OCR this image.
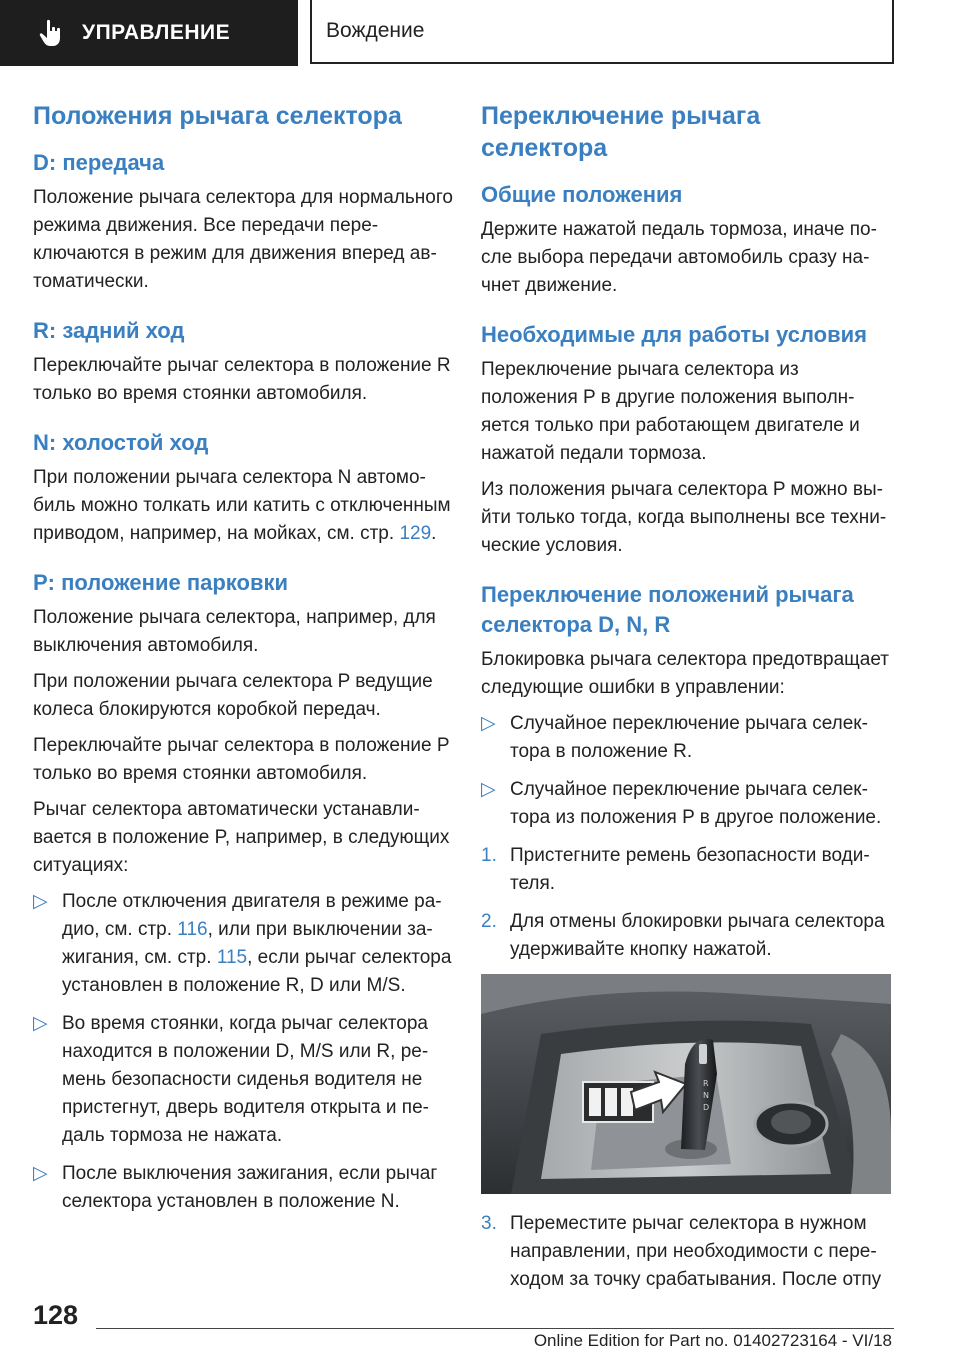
УПРАВЛЕНИЕ	Вождение
Положения рычага селектора
D: передача

Положение рычага селектора для нормального режима движения. Все передачи переключаются в режим для движения вперед автоматически.

R: задний ход

Переключайте рычаг селектора в положение R только во время стоянки автомобиля.

N: холостой ход

При положении рычага селектора N автомобиль можно толкать или катить с отключенным приводом, например, на мойках, см. стр. 129.

P: положение парковки

Положение рычага селектора, например, для выключения автомобиля.

При положении рычага селектора P ведущие колеса блокируются коробкой передач.

Переключайте рычаг селектора в положение P только во время стоянки автомобиля.

Рычаг селектора автоматически устанавливается в положение P, например, в следующих ситуациях:

▷ После отключения двигателя в режиме радио, см. стр. 116, или при выключении зажигания, см. стр. 115, если рычаг селектора установлен в положение R, D или M/S.
▷ Во время стоянки, когда рычаг селектора находится в положении D, M/S или R, ремень безопасности сиденья водителя не пристегнут, дверь водителя открыта и педаль тормоза не нажата.
▷ После выключения зажигания, если рычаг селектора установлен в положение N.
Переключение рычага селектора
Общие положения

Держите нажатой педаль тормоза, иначе после выбора передачи автомобиль сразу начнет движение.

Необходимые для работы условия

Переключение рычага селектора из положения P в другие положения выполняется только при работающем двигателе и нажатой педали тормоза.

Из положения рычага селектора P можно выйти только тогда, когда выполнены все технические условия.

Переключение положений рычага селектора D, N, R

Блокировка рычага селектора предотвращает следующие ошибки в управлении:

▷ Случайное переключение рычага селектора в положение R.
▷ Случайное переключение рычага селектора из положения P в другое положение.
1. Пристегните ремень безопасности водителя.
2. Для отмены блокировки рычага селектора удерживайте кнопку нажатой.
R
N
D
3. Переместите рычаг селектора в нужном направлении, при необходимости с переходом за точку срабатывания. После отпу
128
Online Edition for Part no. 01402723164 - VI/18
